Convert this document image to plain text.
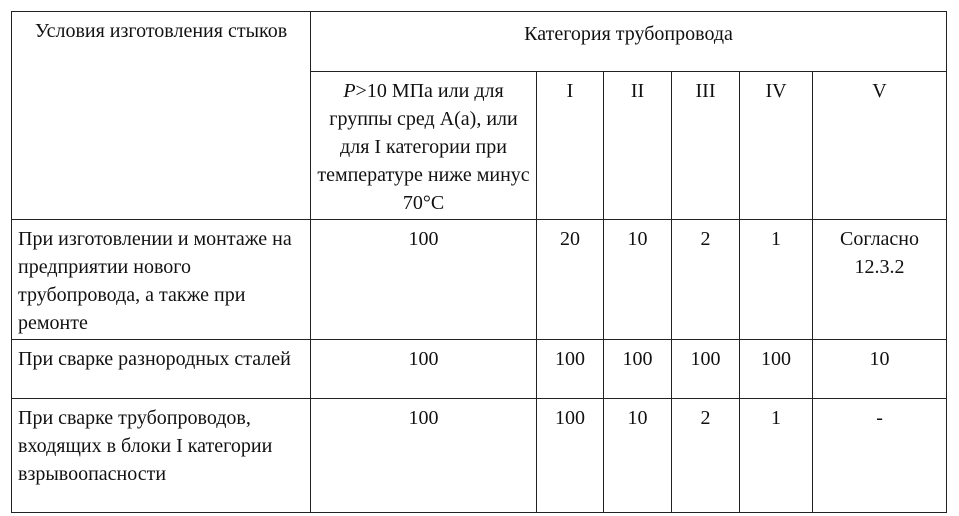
Условия изготовления стыков	Категория трубопровода					
	P>10 МПа или для группы сред А(а), или для I категории при температуре ниже минус 70°С	I	II	III	IV	V
При изготовлении и монтаже на предприятии нового трубопровода, а также при ремонте	100	20	10	2	1	Согласно 12.3.2
При сварке разнородных сталей	100	100	100	100	100	10
При сварке трубопроводов, входящих в блоки I категории взрывоопасности	100	100	10	2	1	-
